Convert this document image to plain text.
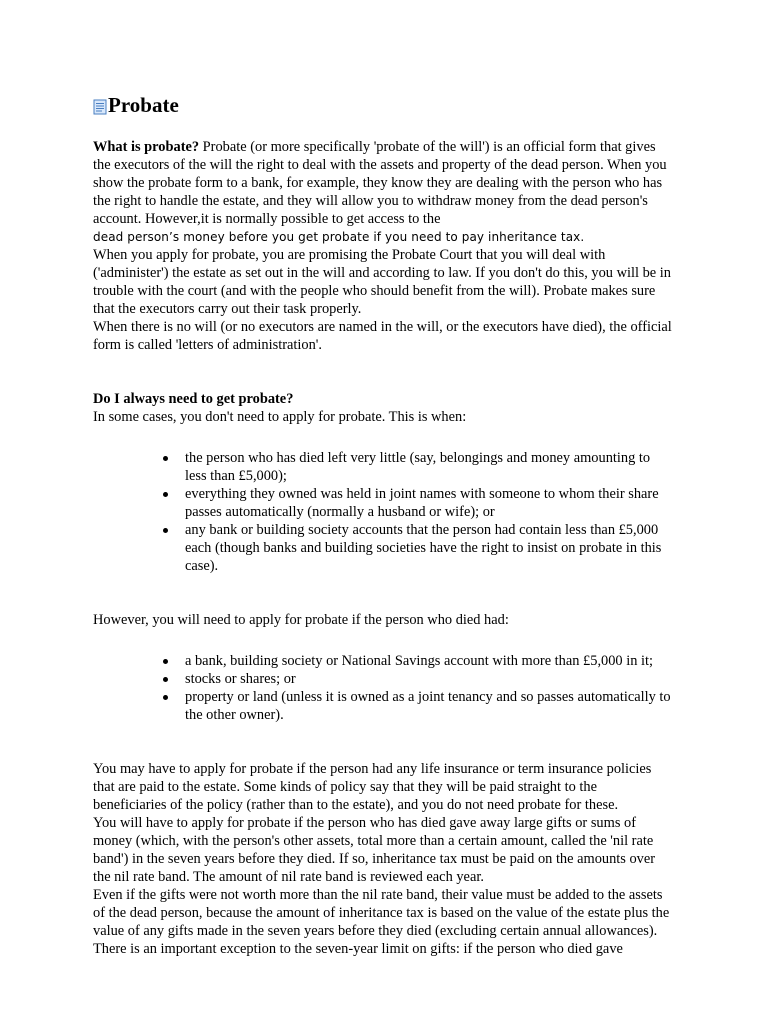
Probate

What is probate? Probate (or more specifically 'probate of the will') is an official form that gives the executors of the will the right to deal with the assets and property of the dead person. When you show the probate form to a bank, for example, they know they are dealing with the person who has the right to handle the estate, and they will allow you to withdraw money from the dead person's account. However,it is normally possible to get access to the
dead person’s money before you get probate if you need to pay inheritance tax.

When you apply for probate, you are promising the Probate Court that you will deal with ('administer') the estate as set out in the will and according to law. If you don't do this, you will be in trouble with the court (and with the people who should benefit from the will). Probate makes sure that the executors carry out their task properly.

When there is no will (or no executors are named in the will, or the executors have died), the official form is called 'letters of administration'.

Do I always need to get probate?

In some cases, you don't need to apply for probate. This is when:

the person who has died left very little (say, belongings and money amounting to less than £5,000);
everything they owned was held in joint names with someone to whom their share passes automatically (normally a husband or wife); or
any bank or building society accounts that the person had contain less than £5,000 each (though banks and building societies have the right to insist on probate in this case).

However, you will need to apply for probate if the person who died had:

a bank, building society or National Savings account with more than £5,000 in it;
stocks or shares; or
property or land (unless it is owned as a joint tenancy and so passes automatically to the other owner).

You may have to apply for probate if the person had any life insurance or term insurance policies that are paid to the estate. Some kinds of policy say that they will be paid straight to the beneficiaries of the policy (rather than to the estate), and you do not need probate for these.

You will have to apply for probate if the person who has died gave away large gifts or sums of money (which, with the person's other assets, total more than a certain amount, called the 'nil rate band') in the seven years before they died. If so, inheritance tax must be paid on the amounts over the nil rate band. The amount of nil rate band is reviewed each year.

Even if the gifts were not worth more than the nil rate band, their value must be added to the assets of the dead person, because the amount of inheritance tax is based on the value of the estate plus the value of any gifts made in the seven years before they died (excluding certain annual allowances).

There is an important exception to the seven-year limit on gifts: if the person who died gave
